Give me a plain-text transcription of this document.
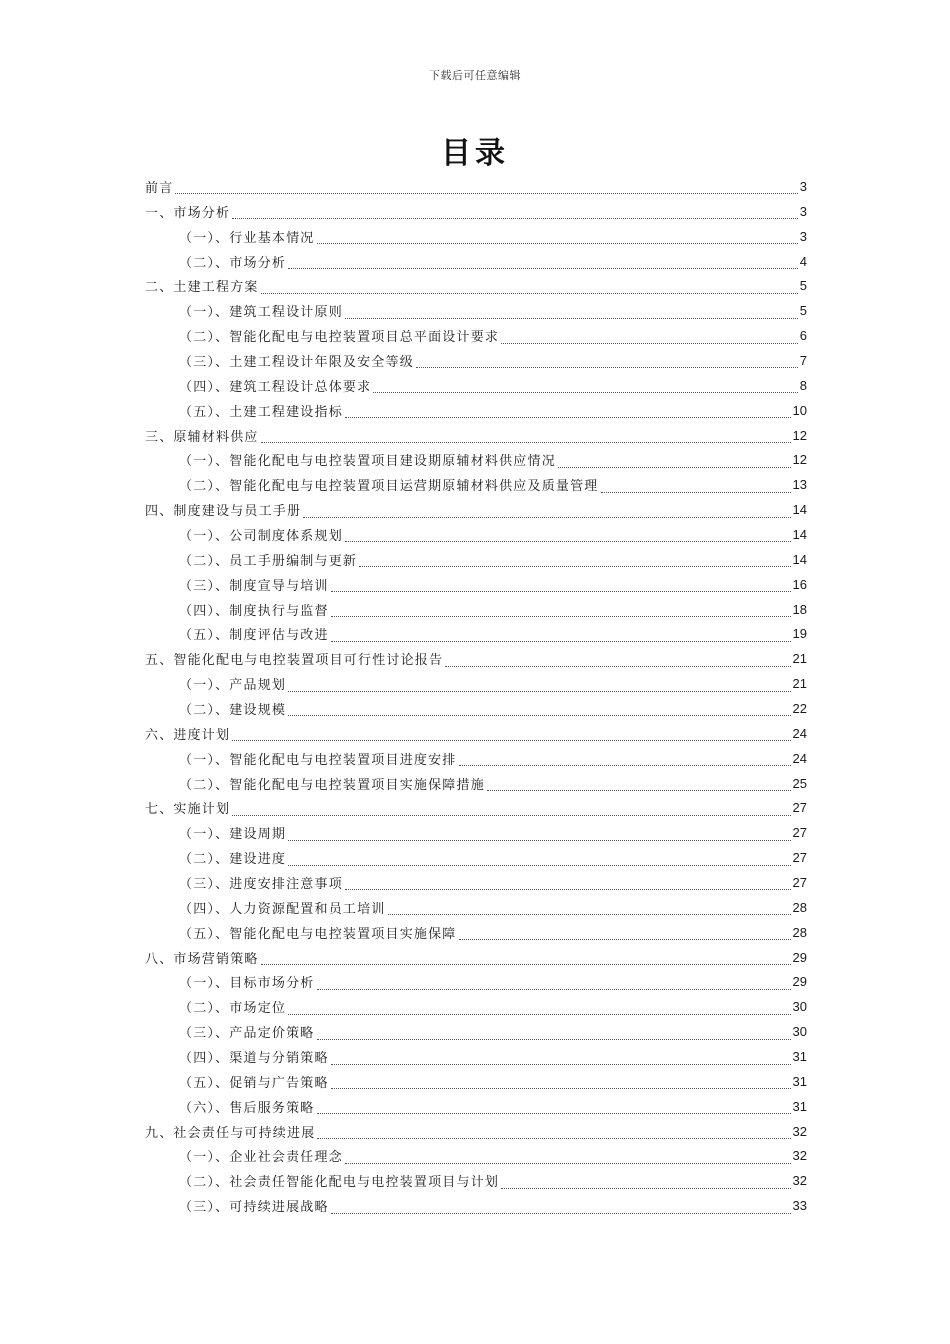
下载后可任意编辑
目录
前言	3
一、市场分析	3
（一）、行业基本情况	3
（二）、市场分析	4
二、土建工程方案	5
（一）、建筑工程设计原则	5
（二）、智能化配电与电控装置项目总平面设计要求	6
（三）、土建工程设计年限及安全等级	7
（四）、建筑工程设计总体要求	8
（五）、土建工程建设指标	10
三、原辅材料供应	12
（一）、智能化配电与电控装置项目建设期原辅材料供应情况	12
（二）、智能化配电与电控装置项目运营期原辅材料供应及质量管理	13
四、制度建设与员工手册	14
（一）、公司制度体系规划	14
（二）、员工手册编制与更新	14
（三）、制度宣导与培训	16
（四）、制度执行与监督	18
（五）、制度评估与改进	19
五、智能化配电与电控装置项目可行性讨论报告	21
（一）、产品规划	21
（二）、建设规模	22
六、进度计划	24
（一）、智能化配电与电控装置项目进度安排	24
（二）、智能化配电与电控装置项目实施保障措施	25
七、实施计划	27
（一）、建设周期	27
（二）、建设进度	27
（三）、进度安排注意事项	27
（四）、人力资源配置和员工培训	28
（五）、智能化配电与电控装置项目实施保障	28
八、市场营销策略	29
（一）、目标市场分析	29
（二）、市场定位	30
（三）、产品定价策略	30
（四）、渠道与分销策略	31
（五）、促销与广告策略	31
（六）、售后服务策略	31
九、社会责任与可持续进展	32
（一）、企业社会责任理念	32
（二）、社会责任智能化配电与电控装置项目与计划	32
（三）、可持续进展战略	33
